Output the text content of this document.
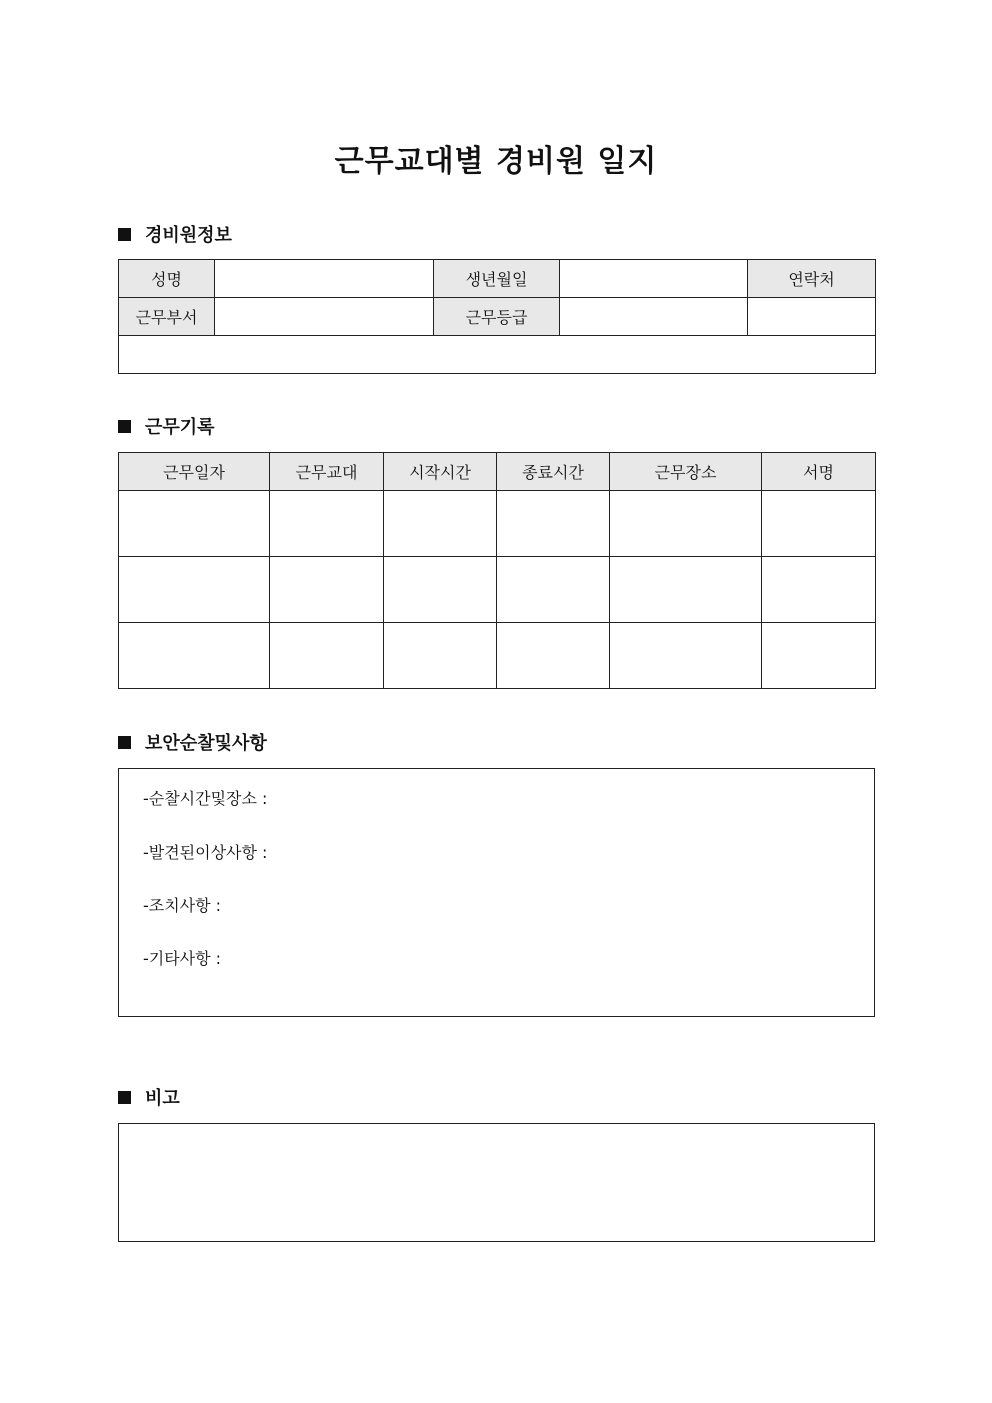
근무교대별 경비원 일지
경비원정보
성명		생년월일		연락처
근무부서		근무등급		

근무기록
근무일자	근무교대	시작시간	종료시간	근무장소	서명

보안순찰및사항
-순찰시간및장소 :
-발견된이상사항 :
-조치사항 :
-기타사항 :
비고
